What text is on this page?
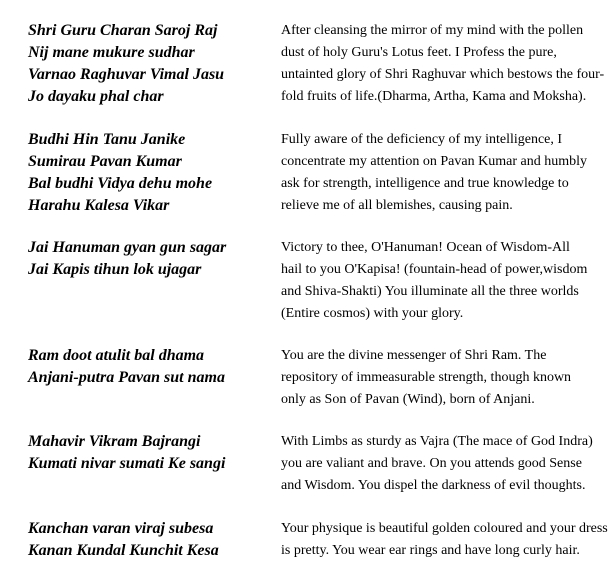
Shri Guru Charan Saroj Raj
Nij mane mukure sudhar
Varnao Raghuvar Vimal Jasu
Jo dayaku phal char
After cleansing the mirror of my mind with the pollen
dust of holy Guru's Lotus feet. I Profess the pure,
untainted glory of Shri Raghuvar which bestows the four-
fold fruits of life.(Dharma, Artha, Kama and Moksha).
Budhi Hin Tanu Janike
Sumirau Pavan Kumar
Bal budhi Vidya dehu mohe
Harahu Kalesa Vikar
Fully aware of the deficiency of my intelligence, I
concentrate my attention on Pavan Kumar and humbly
ask for strength, intelligence and true knowledge to
relieve me of all blemishes, causing pain.
Jai Hanuman gyan gun sagar
Jai Kapis tihun lok ujagar
Victory to thee, O'Hanuman! Ocean of Wisdom-All
hail to you O'Kapisa! (fountain-head of power,wisdom
and Shiva-Shakti) You illuminate all the three worlds
(Entire cosmos) with your glory.
Ram doot atulit bal dhama
Anjani-putra Pavan sut nama
You are the divine messenger of Shri Ram. The
repository of immeasurable strength, though known
only as Son of Pavan (Wind), born of Anjani.
Mahavir Vikram Bajrangi
Kumati nivar sumati Ke sangi
With Limbs as sturdy as Vajra (The mace of God Indra)
you are valiant and brave. On you attends good Sense
and Wisdom. You dispel the darkness of evil thoughts.
Kanchan varan viraj subesa
Kanan Kundal Kunchit Kesa
Your physique is beautiful golden coloured and your dress
is pretty. You wear ear rings and have long curly hair.
